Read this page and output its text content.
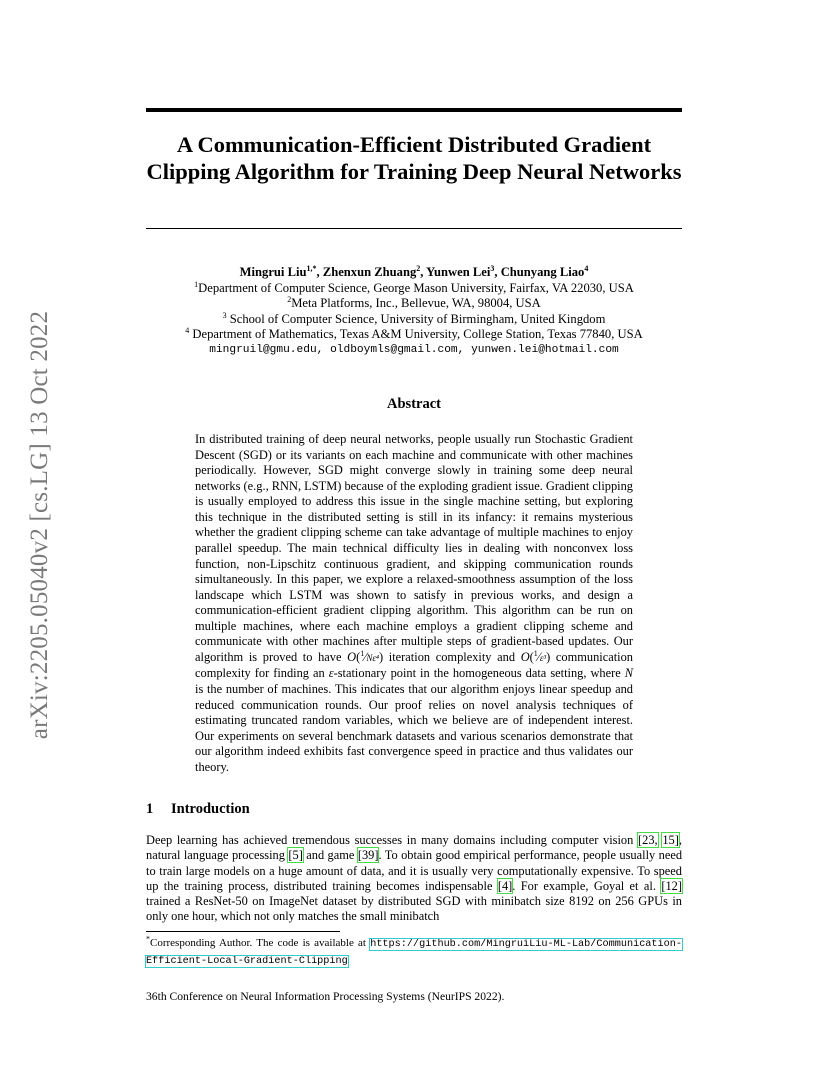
arXiv:2205.05040v2 [cs.LG] 13 Oct 2022
A Communication-Efficient Distributed Gradient Clipping Algorithm for Training Deep Neural Networks
Mingrui Liu$^{1,*}$, Zhenxun Zhuang$^2$, Yunwen Lei$^3$, Chunyang Liao$^4$
$^1$Department of Computer Science, George Mason University, Fairfax, VA 22030, USA
$^2$Meta Platforms, Inc., Bellevue, WA, 98004, USA
$^3$ School of Computer Science, University of Birmingham, United Kingdom
$^4$ Department of Mathematics, Texas A&M University, College Station, Texas 77840, USA
mingruil@gmu.edu, oldboymls@gmail.com, yunwen.lei@hotmail.com
Abstract

In distributed training of deep neural networks, people usually run Stochastic Gradient Descent (SGD) or its variants on each machine and communicate with other machines periodically. However, SGD might converge slowly in training some deep neural networks (e.g., RNN, LSTM) because of the exploding gradient issue. Gradient clipping is usually employed to address this issue in the single machine setting, but exploring this technique in the distributed setting is still in its infancy: it remains mysterious whether the gradient clipping scheme can take advantage of multiple machines to enjoy parallel speedup. The main technical difficulty lies in dealing with nonconvex loss function, non-Lipschitz continuous gradient, and skipping communication rounds simultaneously. In this paper, we explore a relaxed-smoothness assumption of the loss landscape which LSTM was shown to satisfy in previous works, and design a communication-efficient gradient clipping algorithm. This algorithm can be run on multiple machines, where each machine employs a gradient clipping scheme and communicate with other machines after multiple steps of gradient-based updates. Our algorithm is proved to have O($^1$⁄Nε⁴) iteration complexity and O($^1$⁄ε³) communication complexity for finding an ε-stationary point in the homogeneous data setting, where N is the number of machines. This indicates that our algorithm enjoys linear speedup and reduced communication rounds. Our proof relies on novel analysis techniques of estimating truncated random variables, which we believe are of independent interest. Our experiments on several benchmark datasets and various scenarios demonstrate that our algorithm indeed exhibits fast convergence speed in practice and thus validates our theory.

1 Introduction

Deep learning has achieved tremendous successes in many domains including computer vision [23, 15], natural language processing [5] and game [39]. To obtain good empirical performance, people usually need to train large models on a huge amount of data, and it is usually very computationally expensive. To speed up the training process, distributed training becomes indispensable [4]. For example, Goyal et al. [12] trained a ResNet-50 on ImageNet dataset by distributed SGD with minibatch size 8192 on 256 GPUs in only one hour, which not only matches the small minibatch

*Corresponding Author. The code is available at https://github.com/MingruiLiu-ML-Lab/Communication-Efficient-Local-Gradient-Clipping
36th Conference on Neural Information Processing Systems (NeurIPS 2022).
